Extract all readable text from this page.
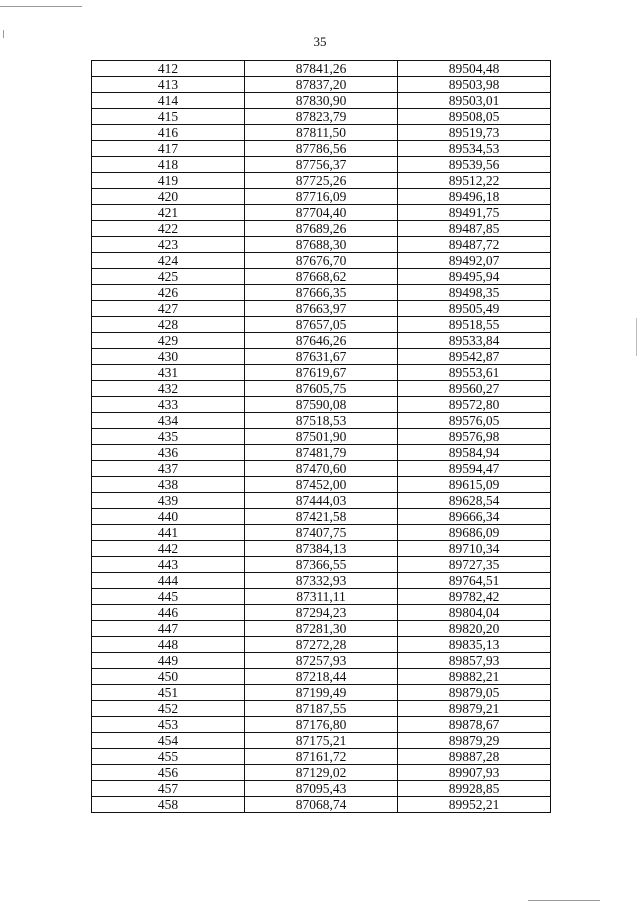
35
412	87841,26	89504,48
413	87837,20	89503,98
414	87830,90	89503,01
415	87823,79	89508,05
416	87811,50	89519,73
417	87786,56	89534,53
418	87756,37	89539,56
419	87725,26	89512,22
420	87716,09	89496,18
421	87704,40	89491,75
422	87689,26	89487,85
423	87688,30	89487,72
424	87676,70	89492,07
425	87668,62	89495,94
426	87666,35	89498,35
427	87663,97	89505,49
428	87657,05	89518,55
429	87646,26	89533,84
430	87631,67	89542,87
431	87619,67	89553,61
432	87605,75	89560,27
433	87590,08	89572,80
434	87518,53	89576,05
435	87501,90	89576,98
436	87481,79	89584,94
437	87470,60	89594,47
438	87452,00	89615,09
439	87444,03	89628,54
440	87421,58	89666,34
441	87407,75	89686,09
442	87384,13	89710,34
443	87366,55	89727,35
444	87332,93	89764,51
445	87311,11	89782,42
446	87294,23	89804,04
447	87281,30	89820,20
448	87272,28	89835,13
449	87257,93	89857,93
450	87218,44	89882,21
451	87199,49	89879,05
452	87187,55	89879,21
453	87176,80	89878,67
454	87175,21	89879,29
455	87161,72	89887,28
456	87129,02	89907,93
457	87095,43	89928,85
458	87068,74	89952,21
